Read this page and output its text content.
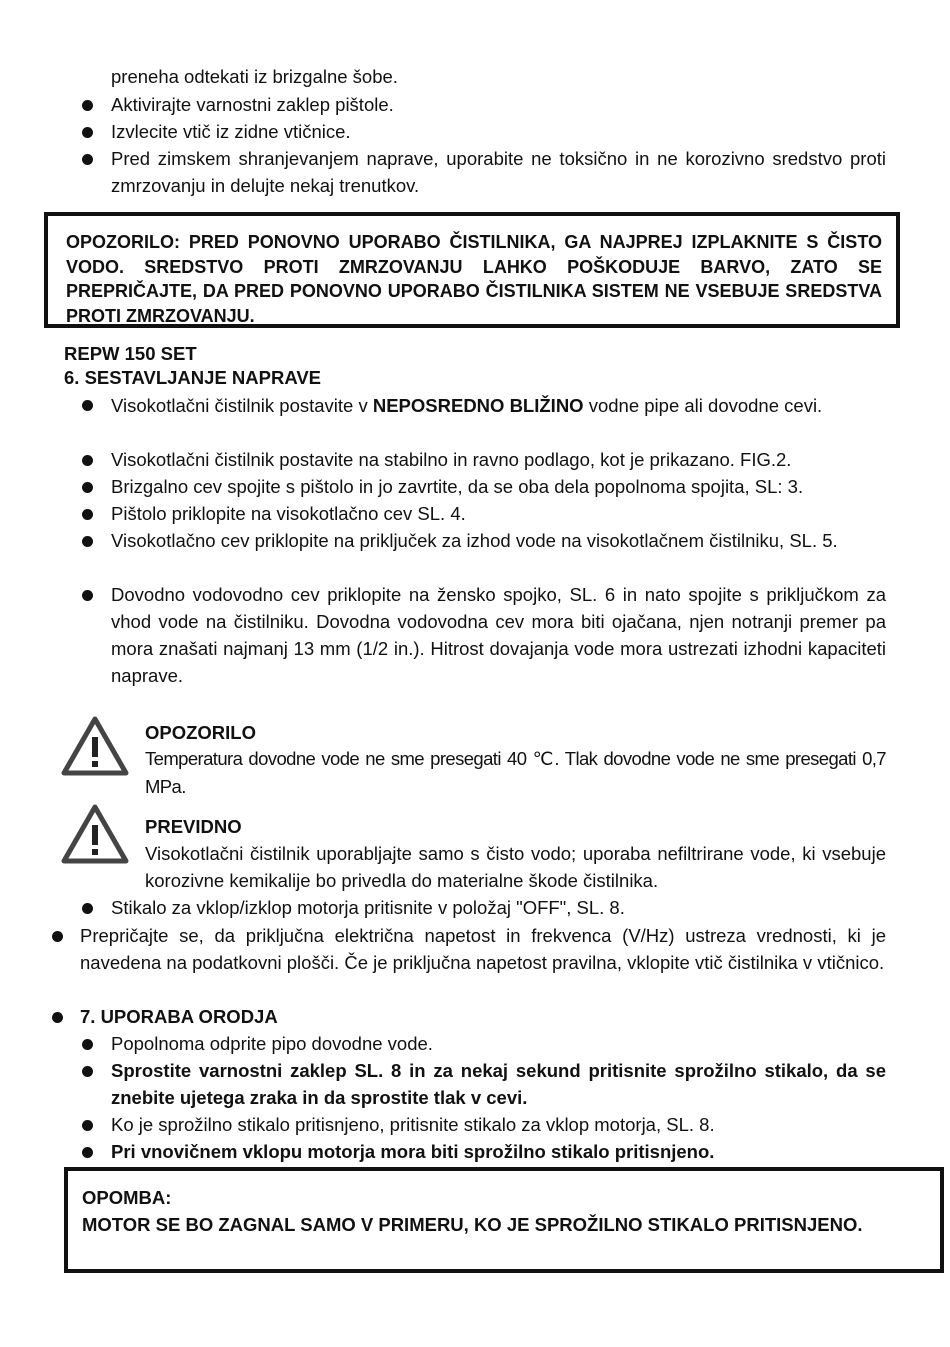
preneha odtekati iz brizgalne šobe.
Aktivirajte varnostni zaklep pištole.
Izvlecite vtič iz zidne vtičnice.
Pred zimskem shranjevanjem naprave, uporabite ne toksično in ne korozivno sredstvo proti zmrzovanju in delujte nekaj trenutkov.
OPOZORILO: PRED PONOVNO UPORABO ČISTILNIKA, GA NAJPREJ IZPLAKNITE S ČISTO VODO. SREDSTVO PROTI ZMRZOVANJU LAHKO POŠKODUJE BARVO, ZATO SE PREPRIČAJTE, DA PRED PONOVNO UPORABO ČISTILNIKA SISTEM NE VSEBUJE SREDSTVA PROTI ZMRZOVANJU.
REPW 150 SET
6. SESTAVLJANJE NAPRAVE
Visokotlačni čistilnik postavite v NEPOSREDNO BLIŽINO vodne pipe ali dovodne cevi.
Visokotlačni čistilnik postavite na stabilno in ravno podlago, kot je prikazano. FIG.2.
Brizgalno cev spojite s pištolo in jo zavrtite, da se oba dela popolnoma spojita, SL: 3.
Pištolo priklopite na visokotlačno cev SL. 4.
Visokotlačno cev priklopite na priključek za izhod vode na visokotlačnem čistilniku, SL. 5.
Dovodno vodovodno cev priklopite na žensko spojko, SL. 6 in nato spojite s priključkom za vhod vode na čistilniku. Dovodna vodovodna cev mora biti ojačana, njen notranji premer pa mora znašati najmanj 13 mm (1/2 in.). Hitrost dovajanja vode mora ustrezati izhodni kapaciteti naprave.
OPOZORILO
Temperatura dovodne vode ne sme presegati 40 ℃. Tlak dovodne vode ne sme presegati 0,7 MPa.
PREVIDNO
Visokotlačni čistilnik uporabljajte samo s čisto vodo; uporaba nefiltrirane vode, ki vsebuje korozivne kemikalije bo privedla do materialne škode čistilnika.
Stikalo za vklop/izklop motorja pritisnite v položaj "OFF", SL. 8.
Prepričajte se, da priključna električna napetost in frekvenca (V/Hz) ustreza vrednosti, ki je navedena na podatkovni plošči. Če je priključna napetost pravilna, vklopite vtič čistilnika v vtičnico.
7. UPORABA ORODJA
Popolnoma odprite pipo dovodne vode.
Sprostite varnostni zaklep SL. 8 in za nekaj sekund pritisnite sprožilno stikalo, da se znebite ujetega zraka in da sprostite tlak v cevi.
Ko je sprožilno stikalo pritisnjeno, pritisnite stikalo za vklop motorja, SL. 8.
Pri vnovičnem vklopu motorja mora biti sprožilno stikalo pritisnjeno.
OPOMBA:
MOTOR SE BO ZAGNAL SAMO V PRIMERU, KO JE SPROŽILNO STIKALO PRITISNJENO.
